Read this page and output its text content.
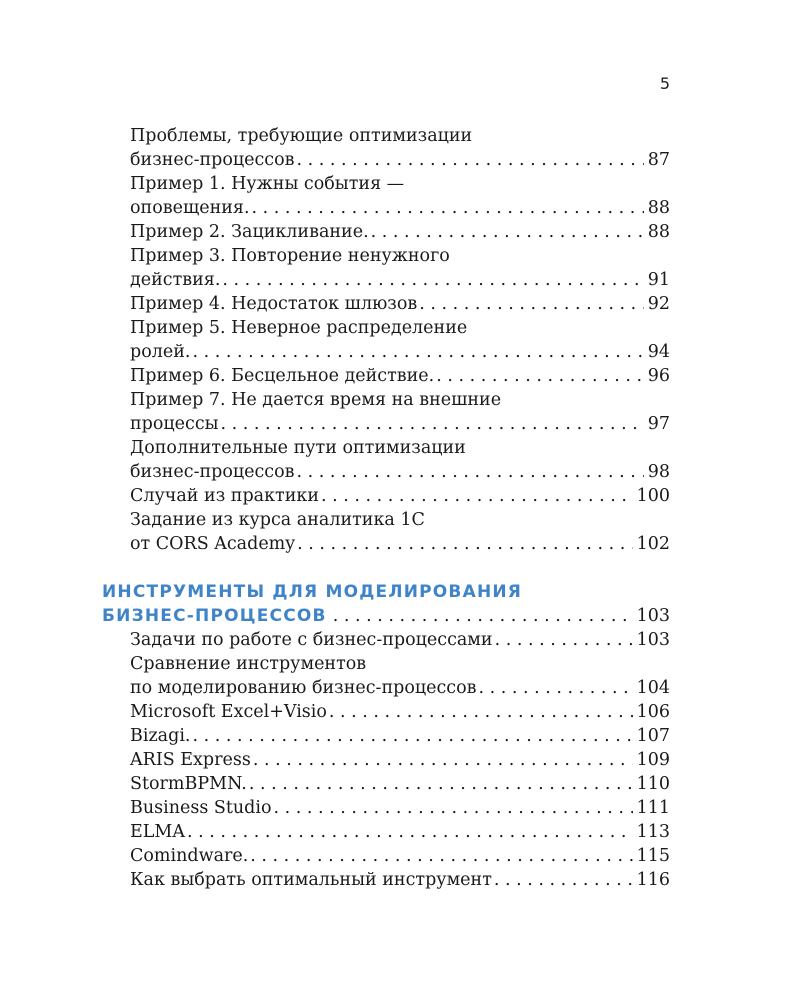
5
Проблемы, требующие оптимизации
бизнес-процессов . . .	87
Пример 1. Нужны события —
оповещения. . . .	88
Пример 2. Зацикливание. . . .	88
Пример 3. Повторение ненужного
действия. . . .	91
Пример 4. Недостаток шлюзов . . .	92
Пример 5. Неверное распределение
ролей. . . .	94
Пример 6. Бесцельное действие. . . .	96
Пример 7. Не дается время на внешние
процессы . . .	97
Дополнительные пути оптимизации
бизнес-процессов . . .	98
Случай из практики . . .	100
Задание из курса аналитика 1С
от CORS Academy . . .	102
ИНСТРУМЕНТЫ ДЛЯ МОДЕЛИРОВАНИЯ
БИЗНЕС-ПРОЦЕССОВ . . .	103
Задачи по работе с бизнес-процессами . . .	103
Сравнение инструментов
по моделированию бизнес-процессов . . .	104
Microsoft Excel+Visio . . .	106
Bizagi. . . .	107
ARIS Express . . .	109
StormBPMN. . . .	110
Business Studio . . .	111
ELMA . . .	113
Comindware. . . .	115
Как выбрать оптимальный инструмент . . .	116
